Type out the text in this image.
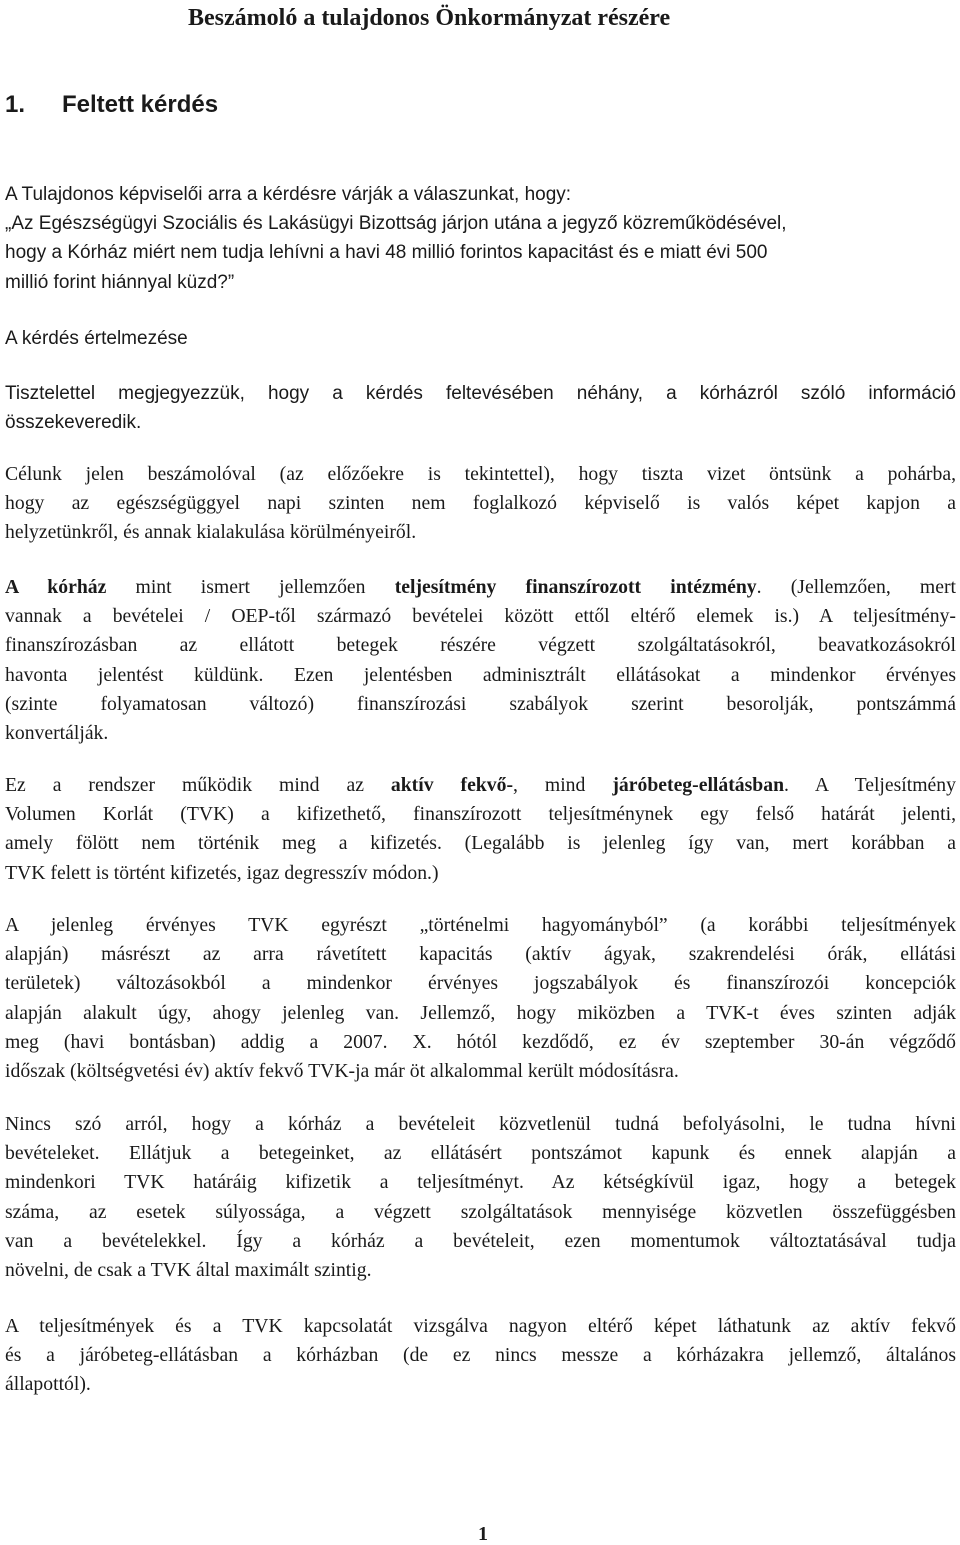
Beszámoló a tulajdonos Önkormányzat részére
1. Feltett kérdés
A Tulajdonos képviselői arra a kérdésre várják a válaszunkat, hogy:
„Az Egészségügyi Szociális és Lakásügyi Bizottság járjon utána a jegyző közreműködésével,
hogy a Kórház miért nem tudja lehívni a havi 48 millió forintos kapacitást és e miatt évi 500
millió forint hiánnyal küzd?”
A kérdés értelmezése
Tisztelettel megjegyezzük, hogy a kérdés feltevésében néhány, a kórházról szóló információ
összekeveredik.
Célunk jelen beszámolóval (az előzőekre is tekintettel), hogy tiszta vizet öntsünk a pohárba,
hogy az egészségüggyel napi szinten nem foglalkozó képviselő is valós képet kapjon a
helyzetünkről, és annak kialakulása körülményeiről.
A kórház mint ismert jellemzően teljesítmény finanszírozott intézmény. (Jellemzően, mert
vannak a bevételei / OEP-től származó bevételei között ettől eltérő elemek is.) A teljesítmény-
finanszírozásban az ellátott betegek részére végzett szolgáltatásokról, beavatkozásokról
havonta jelentést küldünk. Ezen jelentésben adminisztrált ellátásokat a mindenkor érvényes
(szinte folyamatosan változó) finanszírozási szabályok szerint besorolják, pontszámmá
konvertálják.
Ez a rendszer működik mind az aktív fekvő-, mind járóbeteg-ellátásban. A Teljesítmény
Volumen Korlát (TVK) a kifizethető, finanszírozott teljesítménynek egy felső határát jelenti,
amely fölött nem történik meg a kifizetés. (Legalább is jelenleg így van, mert korábban a
TVK felett is történt kifizetés, igaz degresszív módon.)
A jelenleg érvényes TVK egyrészt „történelmi hagyományból” (a korábbi teljesítmények
alapján) másrészt az arra rávetített kapacitás (aktív ágyak, szakrendelési órák, ellátási
területek) változásokból a mindenkor érvényes jogszabályok és finanszírozói koncepciók
alapján alakult úgy, ahogy jelenleg van. Jellemző, hogy miközben a TVK-t éves szinten adják
meg (havi bontásban) addig a 2007. X. hótól kezdődő, ez év szeptember 30-án végződő
időszak (költségvetési év) aktív fekvő TVK-ja már öt alkalommal került módosításra.
Nincs szó arról, hogy a kórház a bevételeit közvetlenül tudná befolyásolni, le tudna hívni
bevételeket. Ellátjuk a betegeinket, az ellátásért pontszámot kapunk és ennek alapján a
mindenkori TVK határáig kifizetik a teljesítményt. Az kétségkívül igaz, hogy a betegek
száma, az esetek súlyossága, a végzett szolgáltatások mennyisége közvetlen összefüggésben
van a bevételekkel. Így a kórház a bevételeit, ezen momentumok változtatásával tudja
növelni, de csak a TVK által maximált szintig.
A teljesítmények és a TVK kapcsolatát vizsgálva nagyon eltérő képet láthatunk az aktív fekvő
és a járóbeteg-ellátásban a kórházban (de ez nincs messze a kórházakra jellemző, általános
állapottól).
1
